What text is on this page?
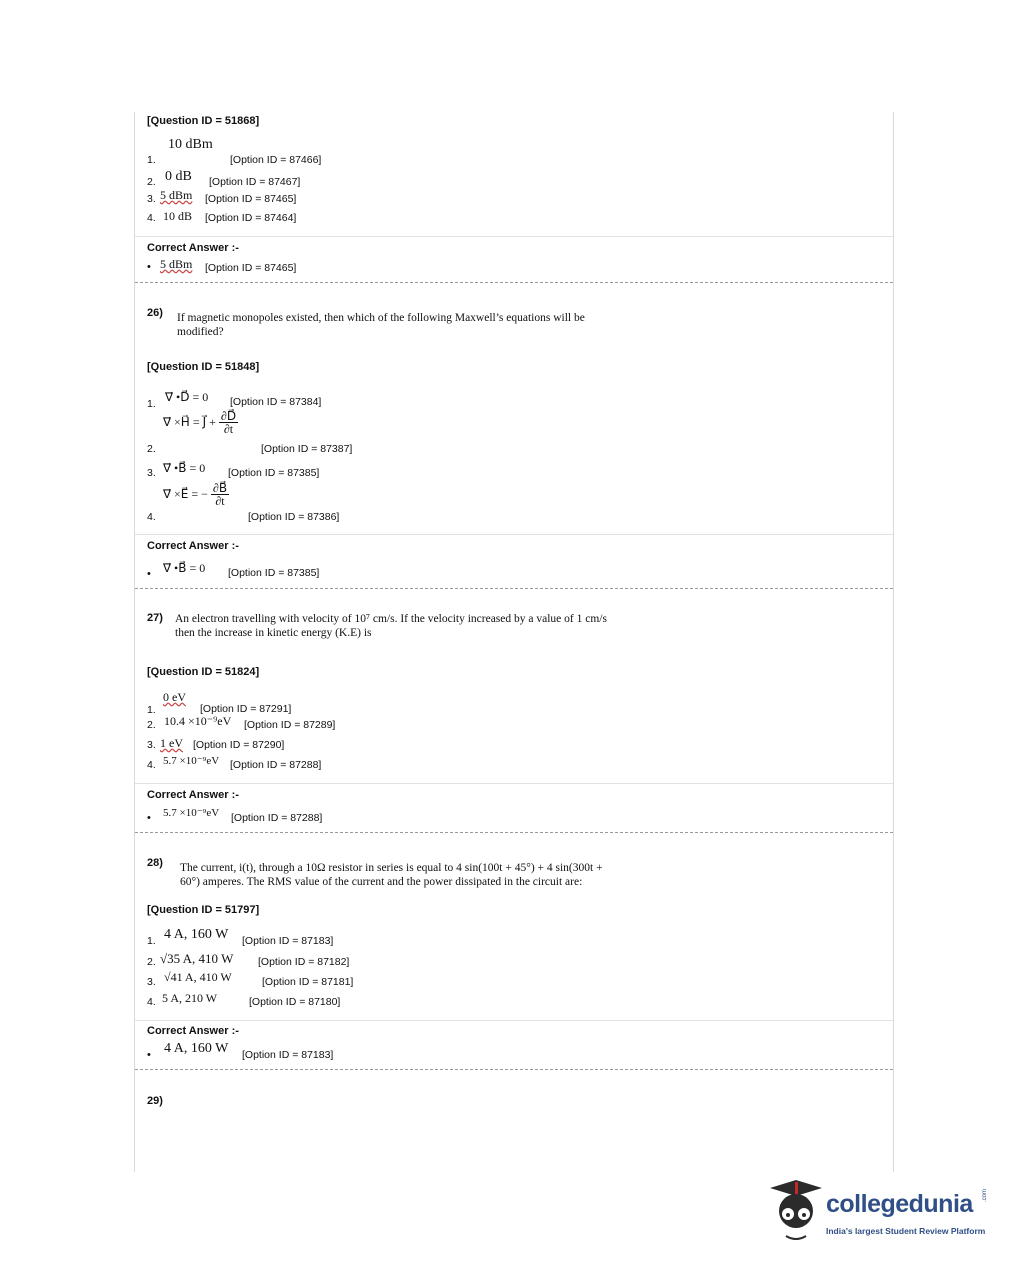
[Question ID = 51868]
10 dBm
1.	[Option ID = 87466]
2. 0 dB [Option ID = 87467]
3. 5 dBm [Option ID = 87465]
4. 10 dB [Option ID = 87464]
Correct Answer :-
• 5 dBm [Option ID = 87465]
26) If magnetic monopoles existed, then which of the following Maxwell’s equations will be
modified?
[Question ID = 51848]
1. ∇⃗ •D⃗ = 0 [Option ID = 87384]
∇⃗ ×H⃗ = J⃗ + $\frac{\partial D⃗}{\partial t}$
2.	[Option ID = 87387]
3. ∇⃗ •B⃗ = 0 [Option ID = 87385]
∇⃗ ×E⃗ = − $\frac{\partial B⃗}{\partial t}$
4.	[Option ID = 87386]
Correct Answer :-
• ∇⃗ •B⃗ = 0 [Option ID = 87385]
27) An electron travelling with velocity of 10⁷ cm/s. If the velocity increased by a value of 1 cm/s
then the increase in kinetic energy (K.E) is
[Question ID = 51824]
0 eV
1.	[Option ID = 87291]
2. 10.4 ×10⁻⁹eV [Option ID = 87289]
3. 1 eV [Option ID = 87290]
4. 5.7 ×10⁻⁹eV [Option ID = 87288]
Correct Answer :-
• 5.7 ×10⁻⁹eV [Option ID = 87288]
28) The current, i(t), through a 10Ω resistor in series is equal to 4 sin(100t + 45°) + 4 sin(300t +
60°) amperes. The RMS value of the current and the power dissipated in the circuit are:
[Question ID = 51797]
1. 4 A, 160 W [Option ID = 87183]
2. √35 A, 410 W [Option ID = 87182]
3. √41 A, 410 W	[Option ID = 87181]
4. 5 A, 210 W	[Option ID = 87180]
Correct Answer :-
• 4 A, 160 W [Option ID = 87183]
29)
collegedunia .com
India's largest Student Review Platform
